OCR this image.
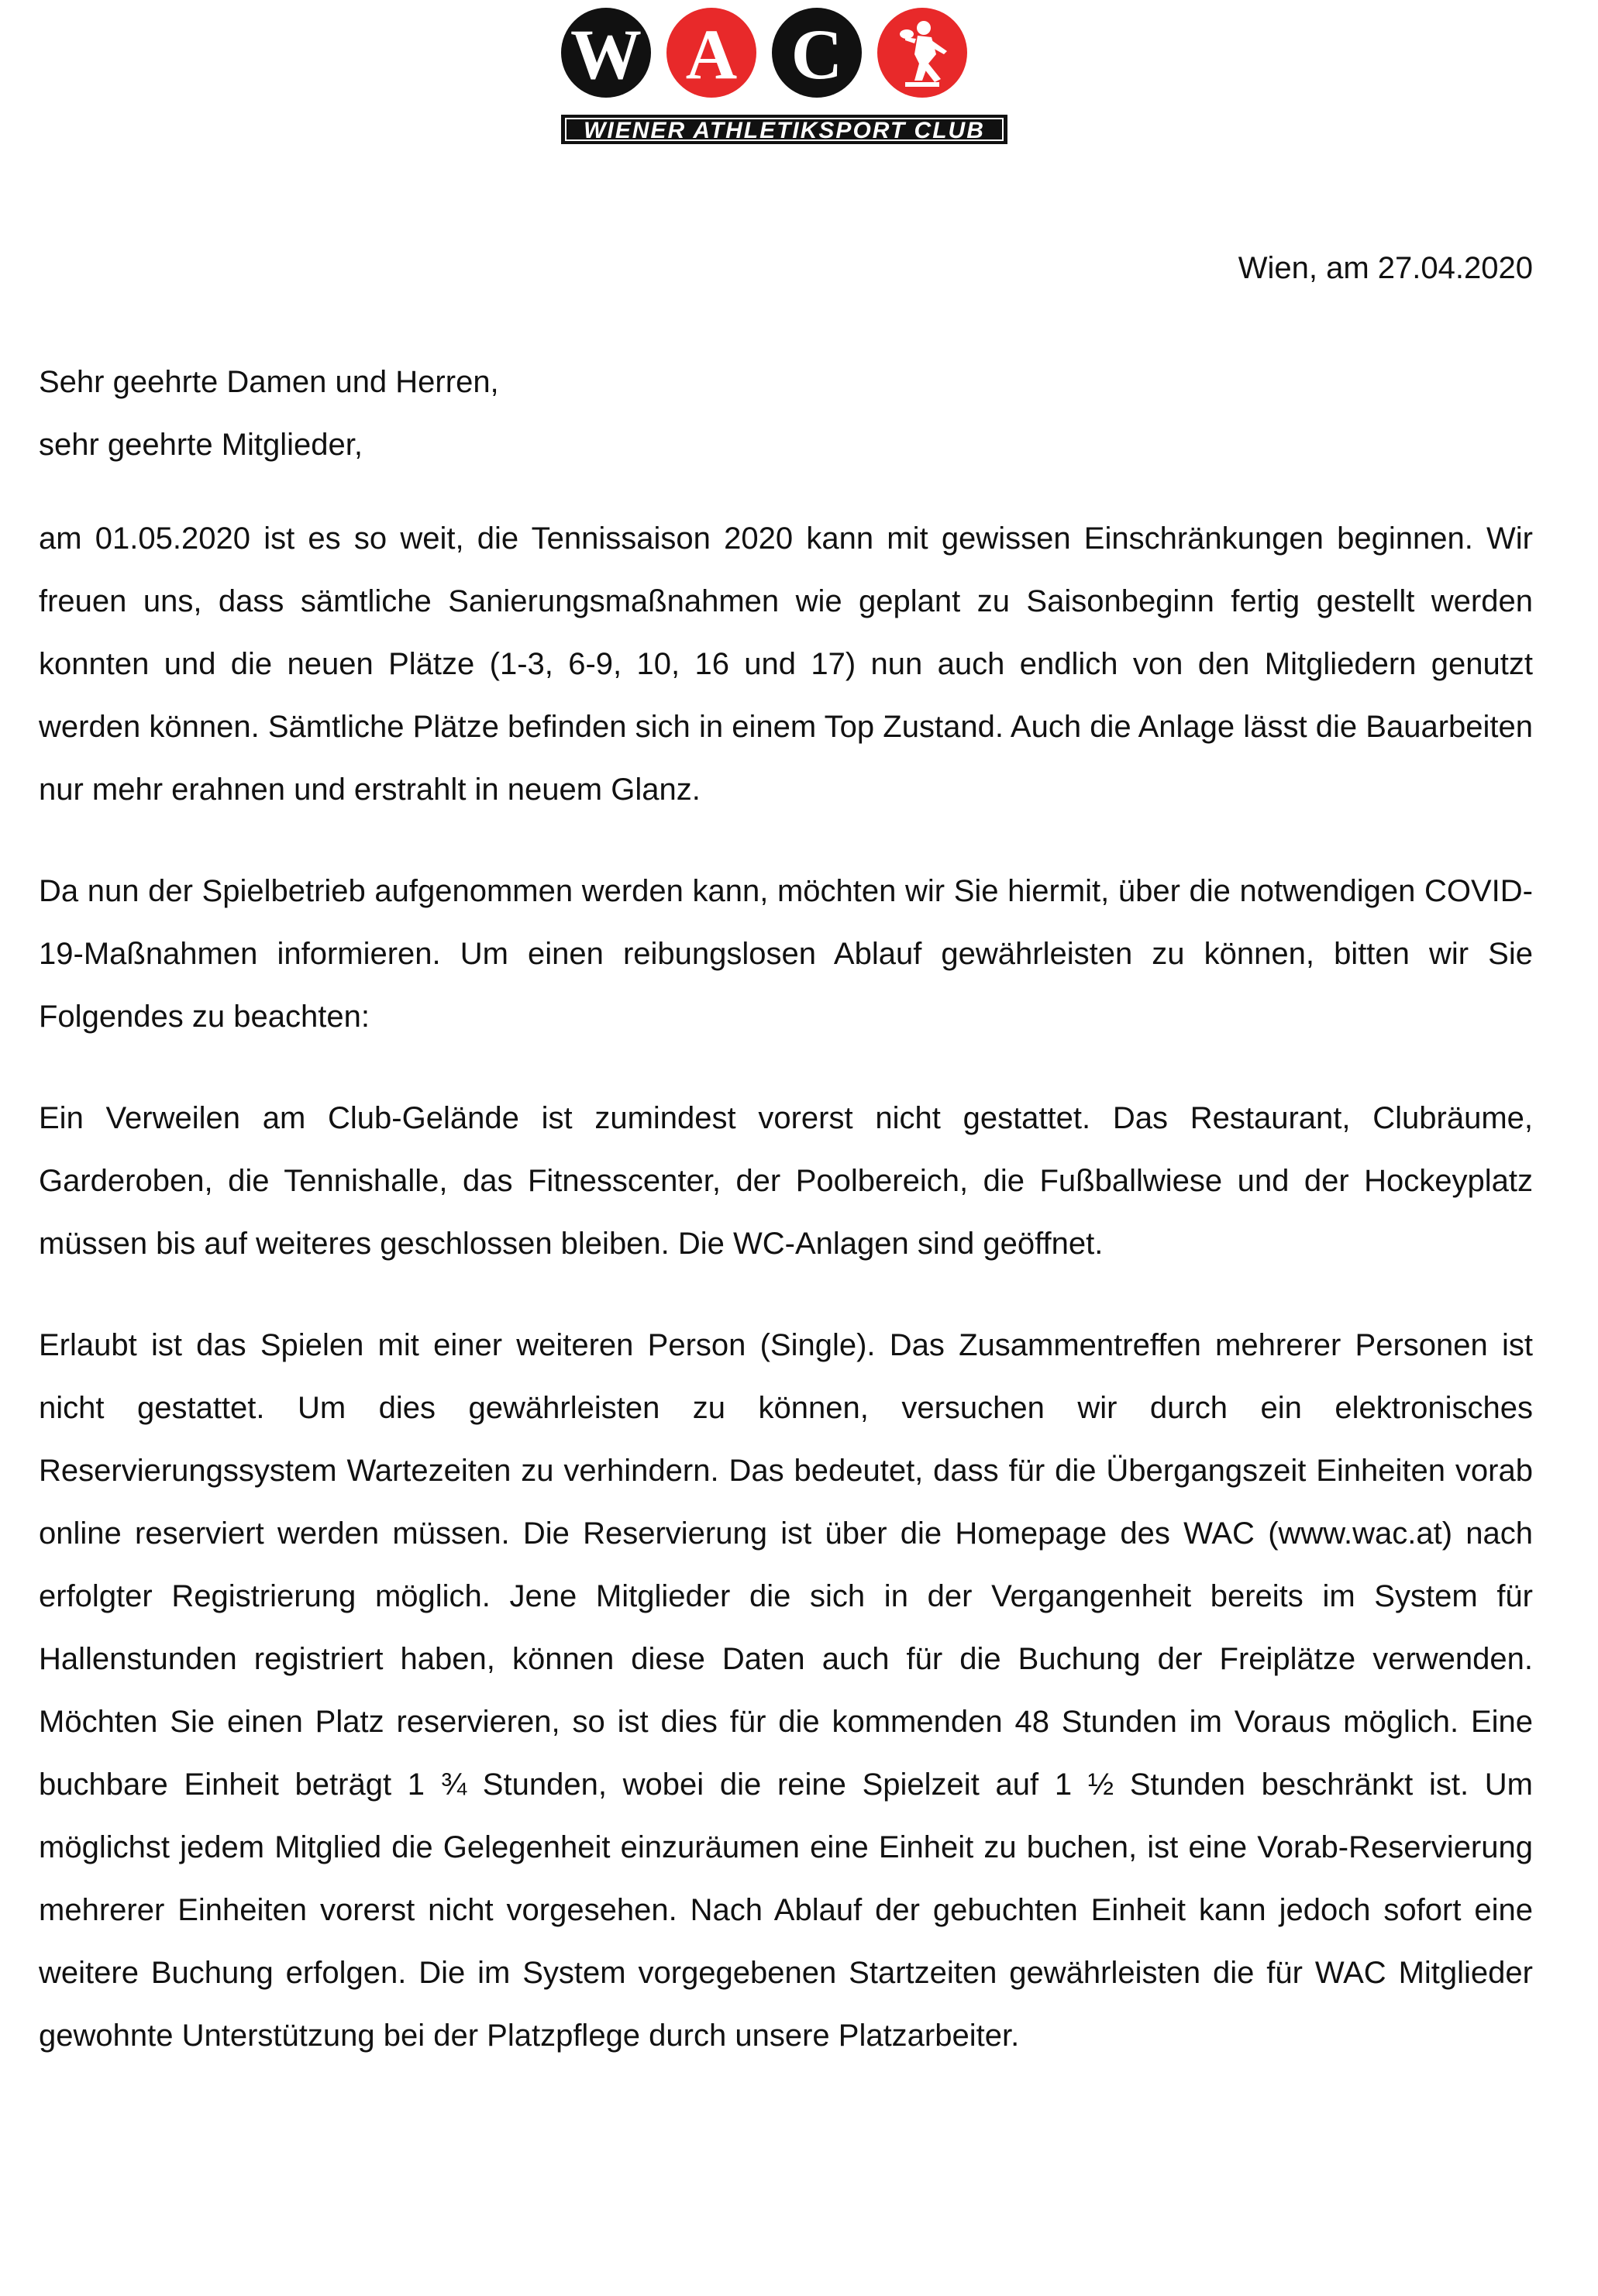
W A C
WIENER ATHLETIKSPORT CLUB
Wien, am 27.04.2020

Sehr geehrte Damen und Herren,

sehr geehrte Mitglieder,

am 01.05.2020 ist es so weit, die Tennissaison 2020 kann mit gewissen Einschränkungen beginnen. Wir freuen uns, dass sämtliche Sanierungsmaßnahmen wie geplant zu Saisonbeginn fertig gestellt werden konnten und die neuen Plätze (1-3, 6-9, 10, 16 und 17) nun auch endlich von den Mitgliedern genutzt werden können. Sämtliche Plätze befinden sich in einem Top Zustand. Auch die Anlage lässt die Bauarbeiten nur mehr erahnen und erstrahlt in neuem Glanz.

Da nun der Spielbetrieb aufgenommen werden kann, möchten wir Sie hiermit, über die notwendigen COVID-19-Maßnahmen informieren. Um einen reibungslosen Ablauf gewährleisten zu können, bitten wir Sie Folgendes zu beachten:

Ein Verweilen am Club-Gelände ist zumindest vorerst nicht gestattet. Das Restaurant, Clubräume, Garderoben, die Tennishalle, das Fitnesscenter, der Poolbereich, die Fußballwiese und der Hockeyplatz müssen bis auf weiteres geschlossen bleiben. Die WC-Anlagen sind geöffnet.

Erlaubt ist das Spielen mit einer weiteren Person (Single). Das Zusammentreffen mehrerer Personen ist nicht gestattet. Um dies gewährleisten zu können, versuchen wir durch ein elektronisches Reservierungssystem Wartezeiten zu verhindern. Das bedeutet, dass für die Übergangszeit Einheiten vorab online reserviert werden müssen. Die Reservierung ist über die Homepage des WAC (www.wac.at) nach erfolgter Registrierung möglich. Jene Mitglieder die sich in der Vergangenheit bereits im System für Hallenstunden registriert haben, können diese Daten auch für die Buchung der Freiplätze verwenden. Möchten Sie einen Platz reservieren, so ist dies für die kommenden 48 Stunden im Voraus möglich. Eine buchbare Einheit beträgt 1 ¾ Stunden, wobei die reine Spielzeit auf 1 ½ Stunden beschränkt ist. Um möglichst jedem Mitglied die Gelegenheit einzuräumen eine Einheit zu buchen, ist eine Vorab-Reservierung mehrerer Einheiten vorerst nicht vorgesehen. Nach Ablauf der gebuchten Einheit kann jedoch sofort eine weitere Buchung erfolgen. Die im System vorgegebenen Startzeiten gewährleisten die für WAC Mitglieder gewohnte Unterstützung bei der Platzpflege durch unsere Platzarbeiter.
